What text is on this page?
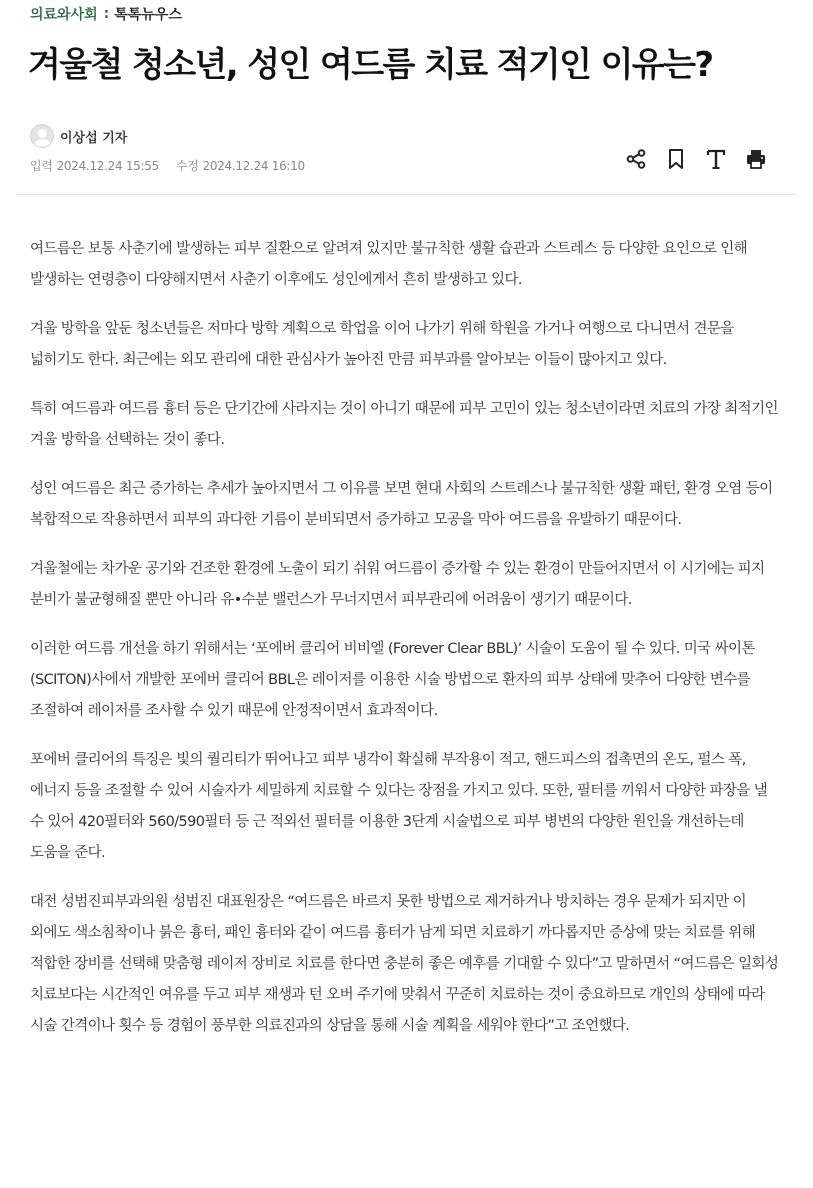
의료와사회 : 톡톡뉴우스
겨울철 청소년, 성인 여드름 치료 적기인 이유는?
이상섭 기자
입력 2024.12.24 15:55 수정 2024.12.24 16:10

여드름은 보통 사춘기에 발생하는 피부 질환으로 알려져 있지만 불규칙한 생활 습관과 스트레스 등 다양한 요인으로 인해 발생하는 연령층이 다양해지면서 사춘기 이후에도 성인에게서 흔히 발생하고 있다.

겨울 방학을 앞둔 청소년들은 저마다 방학 계획으로 학업을 이어 나가기 위해 학원을 가거나 여행으로 다니면서 견문을 넓히기도 한다. 최근에는 외모 관리에 대한 관심사가 높아진 만큼 피부과를 알아보는 이들이 많아지고 있다.

특히 여드름과 여드름 흉터 등은 단기간에 사라지는 것이 아니기 때문에 피부 고민이 있는 청소년이라면 치료의 가장 최적기인 겨울 방학을 선택하는 것이 좋다.

성인 여드름은 최근 증가하는 추세가 높아지면서 그 이유를 보면 현대 사회의 스트레스나 불규칙한 생활 패턴, 환경 오염 등이 복합적으로 작용하면서 피부의 과다한 기름이 분비되면서 증가하고 모공을 막아 여드름을 유발하기 때문이다.

겨울철에는 차가운 공기와 건조한 환경에 노출이 되기 쉬워 여드름이 증가할 수 있는 환경이 만들어지면서 이 시기에는 피지 분비가 불균형해질 뿐만 아니라 유•수분 밸런스가 무너지면서 피부관리에 어려움이 생기기 때문이다.

이러한 여드름 개선을 하기 위해서는 ‘포에버 클리어 비비엘 (Forever Clear BBL)’ 시술이 도움이 될 수 있다. 미국 싸이톤(SCITON)사에서 개발한 포에버 클리어 BBL은 레이저를 이용한 시술 방법으로 환자의 피부 상태에 맞추어 다양한 변수를 조절하여 레이저를 조사할 수 있기 때문에 안정적이면서 효과적이다.

포에버 클리어의 특징은 빛의 퀄리티가 뛰어나고 피부 냉각이 확실해 부작용이 적고, 핸드피스의 접촉면의 온도, 펄스 폭, 에너지 등을 조절할 수 있어 시술자가 세밀하게 치료할 수 있다는 장점을 가지고 있다. 또한, 필터를 끼워서 다양한 파장을 낼 수 있어 420필터와 560/590필터 등 근 적외선 필터를 이용한 3단계 시술법으로 피부 병변의 다양한 원인을 개선하는데 도움을 준다.

대전 성범진피부과의원 성범진 대표원장은 “여드름은 바르지 못한 방법으로 제거하거나 방치하는 경우 문제가 되지만 이 외에도 색소침착이나 붉은 흉터, 패인 흉터와 같이 여드름 흉터가 남게 되면 치료하기 까다롭지만 증상에 맞는 치료를 위해 적합한 장비를 선택해 맞춤형 레이저 장비로 치료를 한다면 충분히 좋은 예후를 기대할 수 있다”고 말하면서 “여드름은 일회성 치료보다는 시간적인 여유를 두고 피부 재생과 턴 오버 주기에 맞춰서 꾸준히 치료하는 것이 중요하므로 개인의 상태에 따라 시술 간격이나 횟수 등 경험이 풍부한 의료진과의 상담을 통해 시술 계획을 세워야 한다”고 조언했다.
